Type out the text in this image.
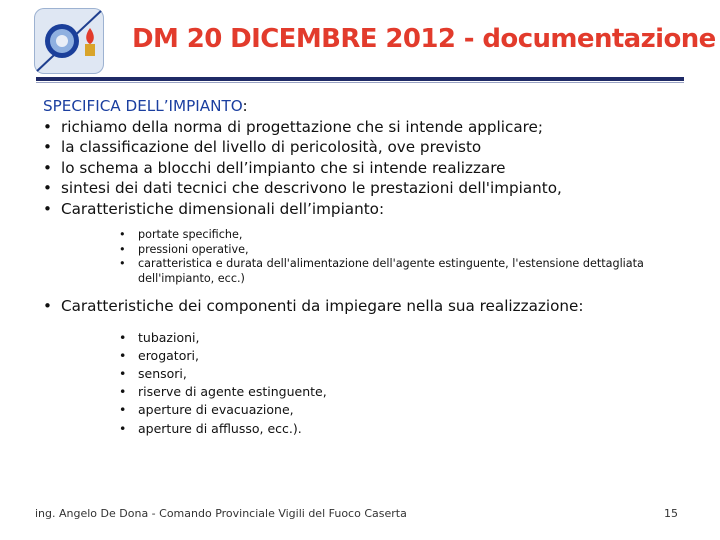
DM 20 DICEMBRE 2012 - documentazione
SPECIFICA DELL’IMPIANTO:
• richiamo della norma di progettazione che si intende applicare;
• la classificazione del livello di pericolosità, ove previsto
• lo schema a blocchi dell’impianto che si intende realizzare
• sintesi dei dati tecnici che descrivono le prestazioni dell'impianto,
• Caratteristiche dimensionali dell’impianto:
•	portate specifiche,
•	pressioni operative,
•	caratteristica e durata dell'alimentazione dell'agente estinguente, l'estensione dettagliata dell'impianto, ecc.)
• Caratteristiche dei componenti da impiegare nella sua realizzazione:
• tubazioni,
• erogatori,
• sensori,
• riserve di agente estinguente,
• aperture di evacuazione,
• aperture di afflusso, ecc.).
ing. Angelo De Dona - Comando Provinciale Vigili del Fuoco Caserta	15
